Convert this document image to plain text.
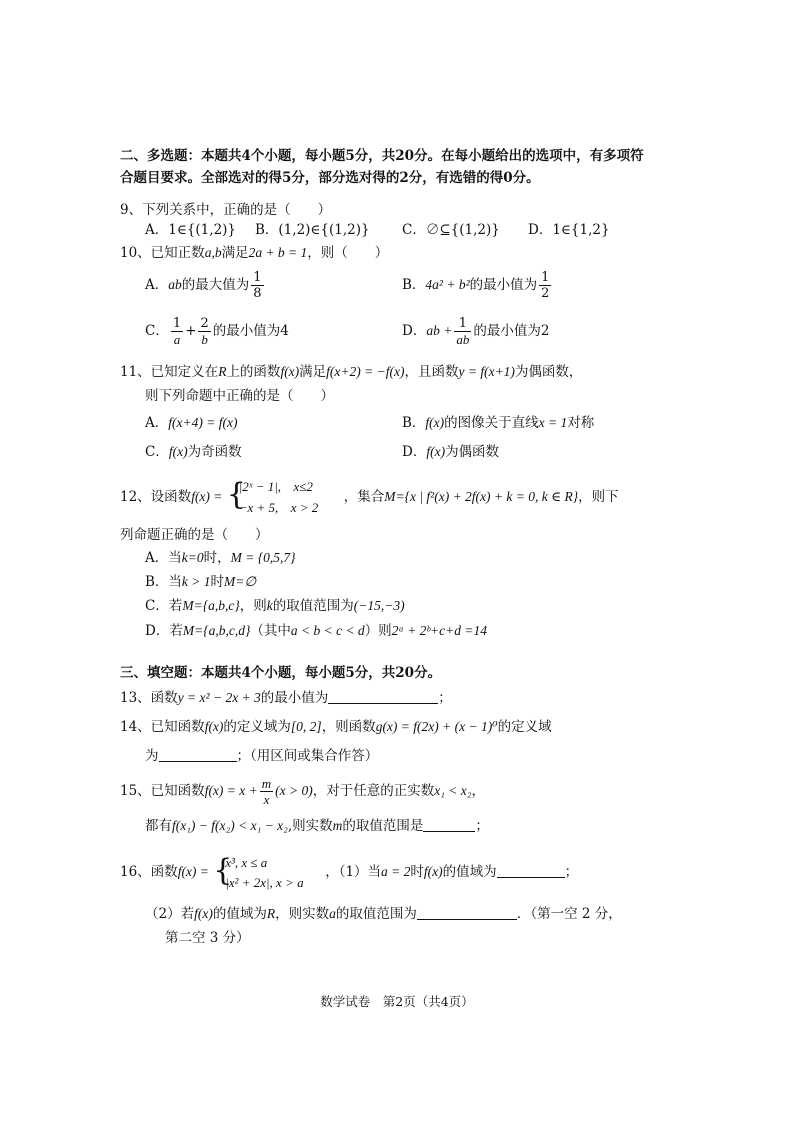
二、多选题：本题共4个小题，每小题5分，共20分。在每小题给出的选项中，有多项符
合题目要求。全部选对的得5分，部分选对得的2分，有选错的得0分。
9、下列关系中，正确的是（　　）
A．1∈{(1,2)} B．(1,2)∈{(1,2)} C．∅⊆{(1,2)} D．1∈{1,2}
10、已知正数a,b满足2a + b = 1，则（　　）
A．ab的最大值为 $\frac{1}{8}$	B．4a² + b²的最小值为 $\frac{1}{2}$
C． $\frac{1}{a} + \frac{2}{b}$ 的最小值为4	D．ab + $\frac{1}{ab}$ 的最小值为2
11、已知定义在R上的函数f(x)满足f(x+2) = −f(x)，且函数y = f(x+1)为偶函数，
则下列命题中正确的是（　　）
A．f(x+4) = f(x)	B．f(x)的图像关于直线x = 1对称
C．f(x)为奇函数	D．f(x)为偶函数
12、设函数f(x) = {
|2ˣ − 1|, x≤2
−x + 5, x > 2
，集合M={x | f²(x) + 2f(x) + k = 0, k ∈ R}，则下
列命题正确的是（　　）
A．当k=0时，M = {0,5,7}
B．当k > 1时M=∅
C．若M={a,b,c}，则k的取值范围为(−15,−3)
D．若M={a,b,c,d}（其中a < b < c < d）则2ᵃ + 2ᵇ+c+d =14
三、填空题：本题共4个小题，每小题5分，共20分。
13、函数y = x² − 2x + 3的最小值为	；
14、已知函数f(x)的定义域为[0, 2]，则函数g(x) = f(2x) + (x − 1)⁰的定义域
为	；（用区间或集合作答）
15、已知函数$f(x) = x + \frac{m}{x} (x > 0)$，对于任意的正实数x₁ < x₂，
都有f(x₁) − f(x₂) < x₁ − x₂,则实数m的取值范围是	；
16、函数f(x) = {
x³, x ≤ a
|x² + 2x|, x > a
，（1）当a = 2时f(x)的值域为	；
（2）若f(x)的值域为R，则实数a的取值范围为	．（第一空 2 分，
第二空 3 分）
数学试卷　第2页（共4页）
